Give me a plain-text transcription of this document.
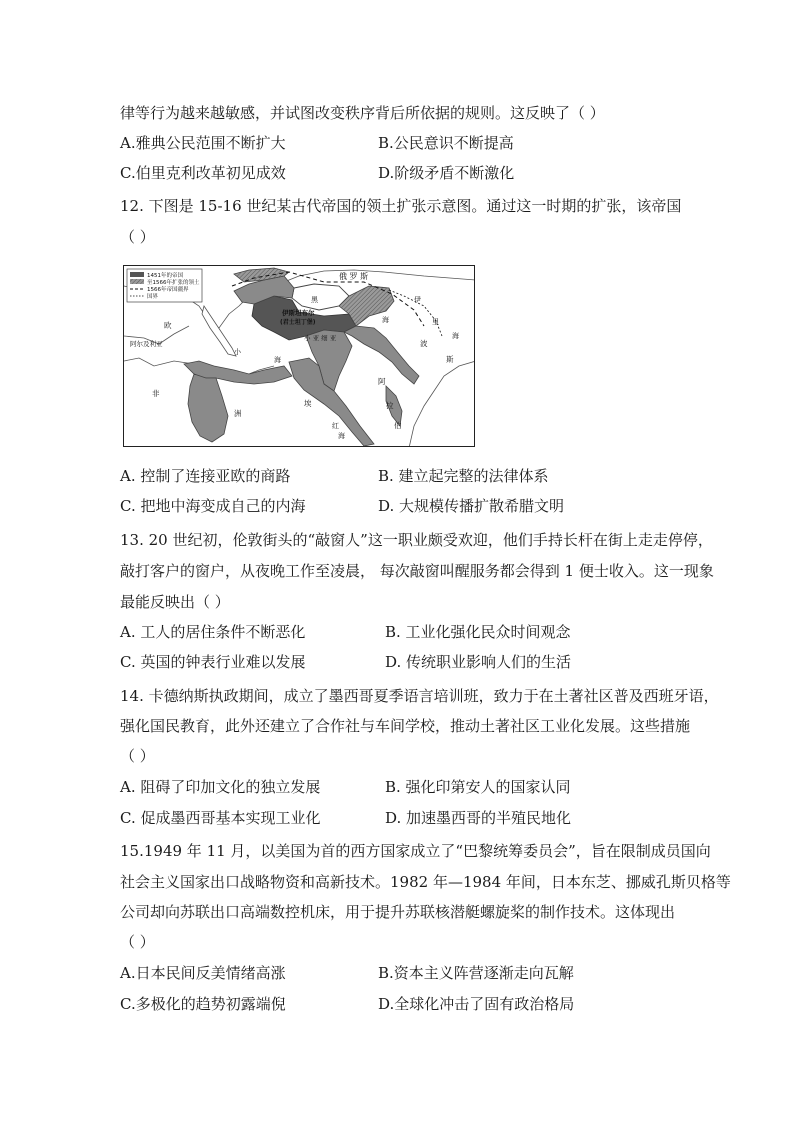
律等行为越来越敏感，并试图改变秩序背后所依据的规则。这反映了（ ）
A.雅典公民范围不断扩大	B.公民意识不断提高
C.伯里克利改革初见成效	D.阶级矛盾不断激化
12. 下图是 15-16 世纪某古代帝国的领土扩张示意图。通过这一时期的扩张，该帝国
（ ）
1451年的帝国
至1566年扩张的领土
1566年帝国疆界
国界
俄 罗 斯
黑
伊斯坦布尔
(君士坦丁堡)
小 亚 细 亚
波
斯
阿
拉
伯
非
洲
埃
小
海
欧
红
海
海
阿尔及利亚
里
海
伊
A. 控制了连接亚欧的商路	B. 建立起完整的法律体系
C. 把地中海变成自己的内海	D. 大规模传播扩散希腊文明
13. 20 世纪初，伦敦街头的“敲窗人”这一职业颇受欢迎，他们手持长杆在街上走走停停，
敲打客户的窗户，从夜晚工作至凌晨， 每次敲窗叫醒服务都会得到 1 便士收入。这一现象
最能反映出（ ）
A. 工人的居住条件不断恶化	B. 工业化强化民众时间观念
C. 英国的钟表行业难以发展	D. 传统职业影响人们的生活
14. 卡德纳斯执政期间，成立了墨西哥夏季语言培训班，致力于在土著社区普及西班牙语，
强化国民教育，此外还建立了合作社与车间学校，推动土著社区工业化发展。这些措施
（ ）
A. 阻碍了印加文化的独立发展	B. 强化印第安人的国家认同
C. 促成墨西哥基本实现工业化	D. 加速墨西哥的半殖民地化
15.1949 年 11 月，以美国为首的西方国家成立了“巴黎统筹委员会”，旨在限制成员国向
社会主义国家出口战略物资和高新技术。1982 年—1984 年间，日本东芝、挪威孔斯贝格等
公司却向苏联出口高端数控机床，用于提升苏联核潜艇螺旋桨的制作技术。这体现出
（ ）
A.日本民间反美情绪高涨	B.资本主义阵营逐渐走向瓦解
C.多极化的趋势初露端倪	D.全球化冲击了固有政治格局
